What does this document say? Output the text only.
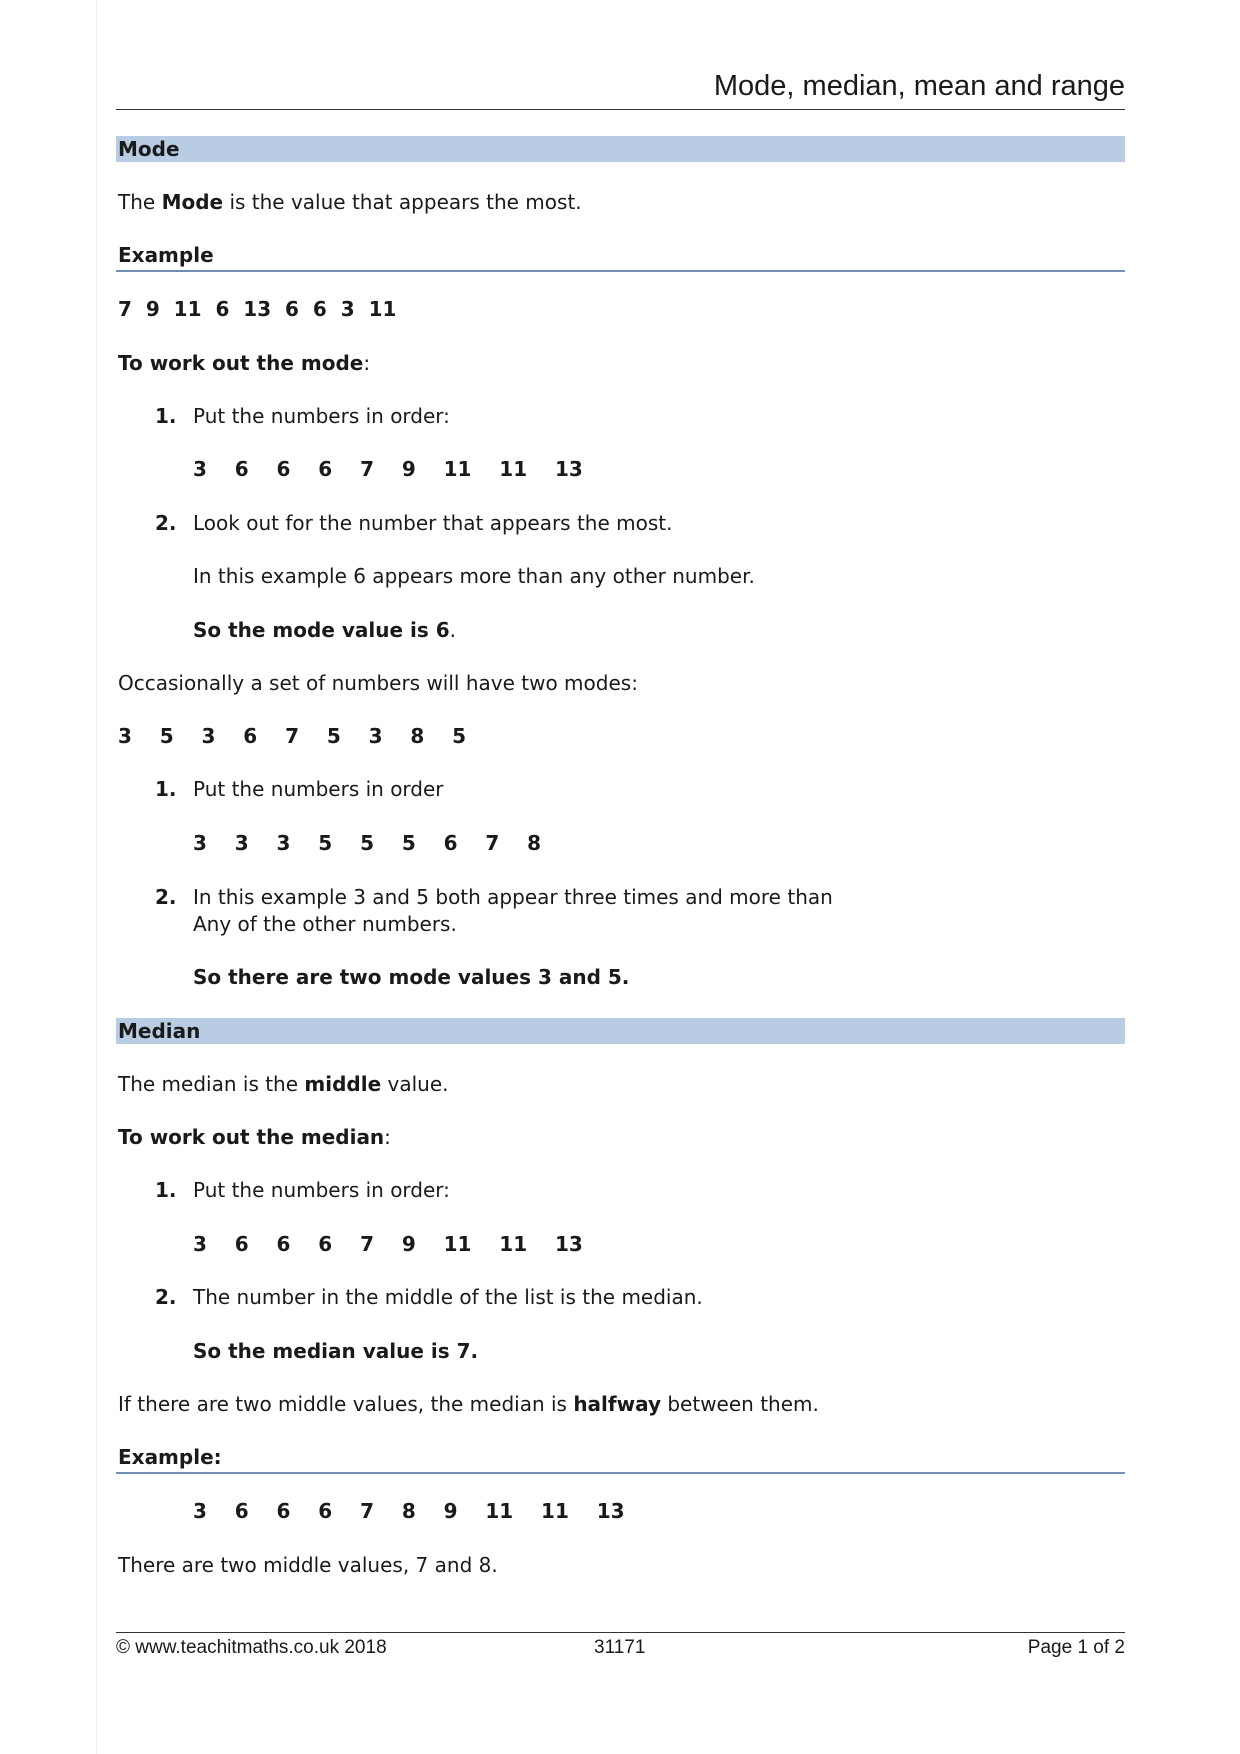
Mode, median, mean and range
Mode
The Mode is the value that appears the most.
Example
7  9  11  6  13  6  6  3  11
To work out the mode:
1. Put the numbers in order:
3    6    6    6    7    9    11    11    13
2. Look out for the number that appears the most.
In this example 6 appears more than any other number.
So the mode value is 6.
Occasionally a set of numbers will have two modes:
3    5    3    6    7    5    3    8    5
1. Put the numbers in order
3    3    3    5    5    5    6    7    8
2. In this example 3 and 5 both appear three times and more than
Any of the other numbers.
So there are two mode values 3 and 5.
Median
The median is the middle value.
To work out the median:
1. Put the numbers in order:
3    6    6    6    7    9    11    11    13
2. The number in the middle of the list is the median.
So the median value is 7.
If there are two middle values, the median is halfway between them.
Example:
3    6    6    6    7    8    9    11    11    13
There are two middle values, 7 and 8.
© www.teachitmaths.co.uk 2018	31171	Page 1 of 2
